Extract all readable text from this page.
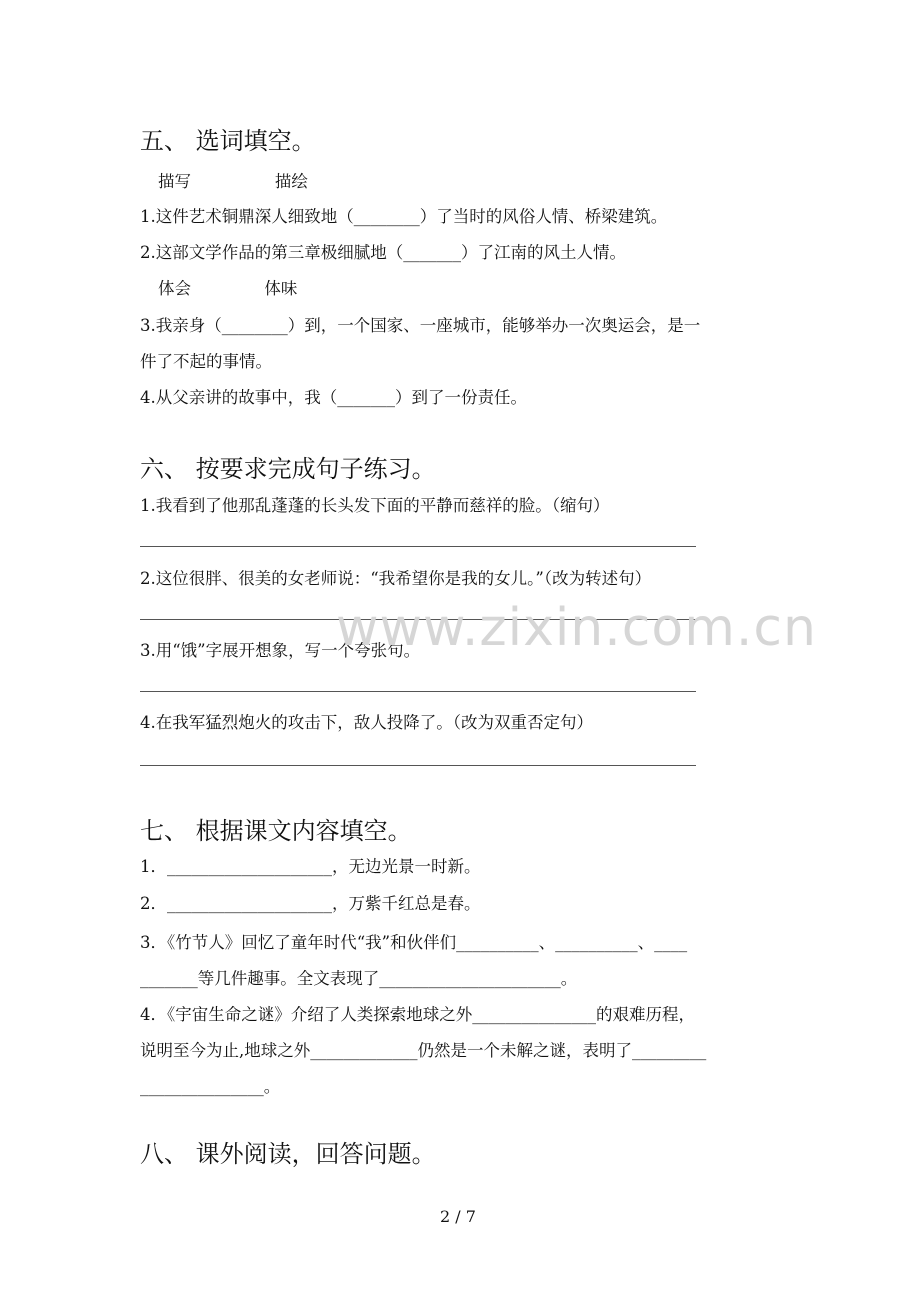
五、 选词填空。
描写                描绘
1.这件艺术铜鼎深人细致地（________）了当时的风俗人情、桥梁建筑。
2.这部文学作品的第三章极细腻地（_______）了江南的风土人情。
体会              体味
3.我亲身（________）到，一个国家、一座城市，能够举办一次奥运会，是一
件了不起的事情。
4.从父亲讲的故事中，我（_______）到了一份责任。
六、 按要求完成句子练习。
1.我看到了他那乱蓬蓬的长头发下面的平静而慈祥的脸。（缩句）
2.这位很胖、很美的女老师说：“我希望你是我的女儿。”（改为转述句）
3.用“饿”字展开想象，写一个夸张句。
4.在我军猛烈炮火的攻击下，敌人投降了。（改为双重否定句）
七、 根据课文内容填空。
1．____________________，无边光景一时新。
2．____________________，万紫千红总是春。
3．《竹节人》回忆了童年时代“我”和伙伴们__________、__________、____
_______等几件趣事。全文表现了______________________。
4．《宇宙生命之谜》介绍了人类探索地球之外_______________的艰难历程，
说明至今为止,地球之外_____________仍然是一个未解之谜，表明了_________
_______________。
八、 课外阅读，回答问题。
www.zixin.com.cn
2 / 7
